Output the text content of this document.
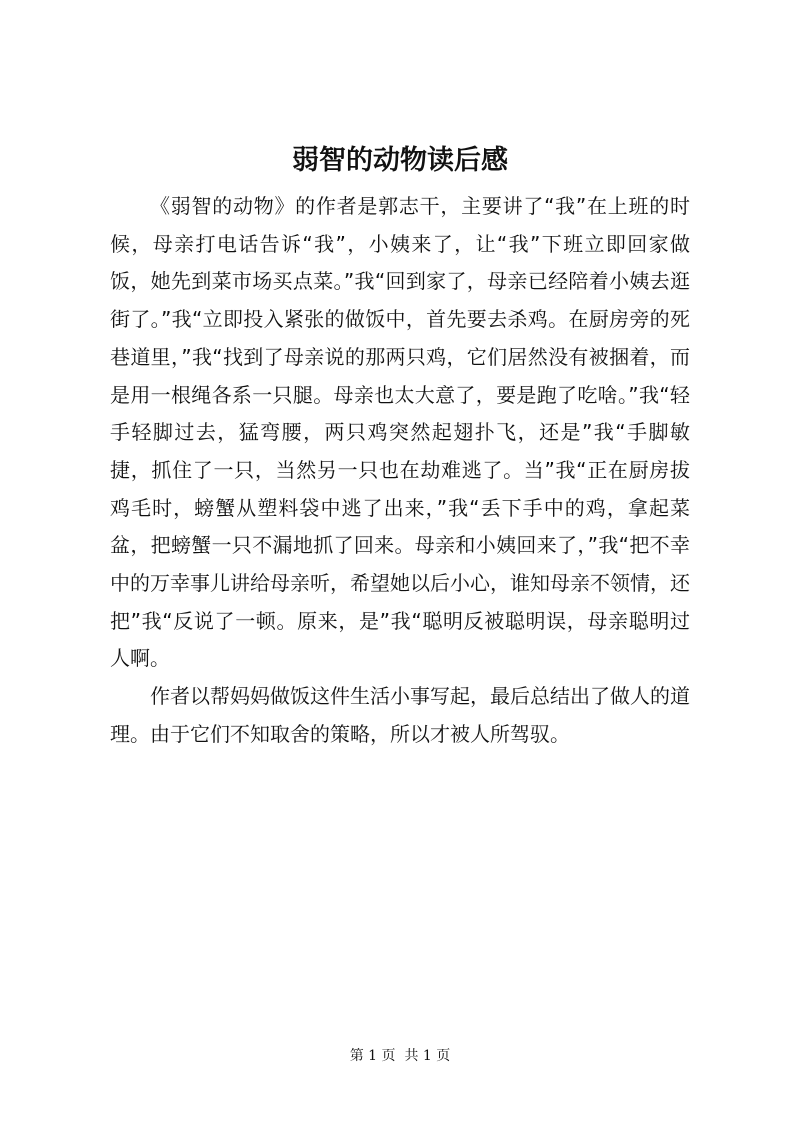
弱智的动物读后感

《弱智的动物》的作者是郭志干，主要讲了“我”在上班的时候，母亲打电话告诉“我”，小姨来了，让“我”下班立即回家做饭，她先到菜市场买点菜。”我“回到家了，母亲已经陪着小姨去逛街了。”我“立即投入紧张的做饭中，首先要去杀鸡。在厨房旁的死巷道里，”我“找到了母亲说的那两只鸡，它们居然没有被捆着，而是用一根绳各系一只腿。母亲也太大意了，要是跑了吃啥。”我“轻手轻脚过去，猛弯腰，两只鸡突然起翅扑飞，还是”我“手脚敏捷，抓住了一只，当然另一只也在劫难逃了。当”我“正在厨房拔鸡毛时，螃蟹从塑料袋中逃了出来，”我“丢下手中的鸡，拿起菜盆，把螃蟹一只不漏地抓了回来。母亲和小姨回来了，”我“把不幸中的万幸事儿讲给母亲听，希望她以后小心，谁知母亲不领情，还把”我“反说了一顿。原来，是”我“聪明反被聪明误，母亲聪明过人啊。

作者以帮妈妈做饭这件生活小事写起，最后总结出了做人的道理。由于它们不知取舍的策略，所以才被人所驾驭。

第 1 页  共 1 页
